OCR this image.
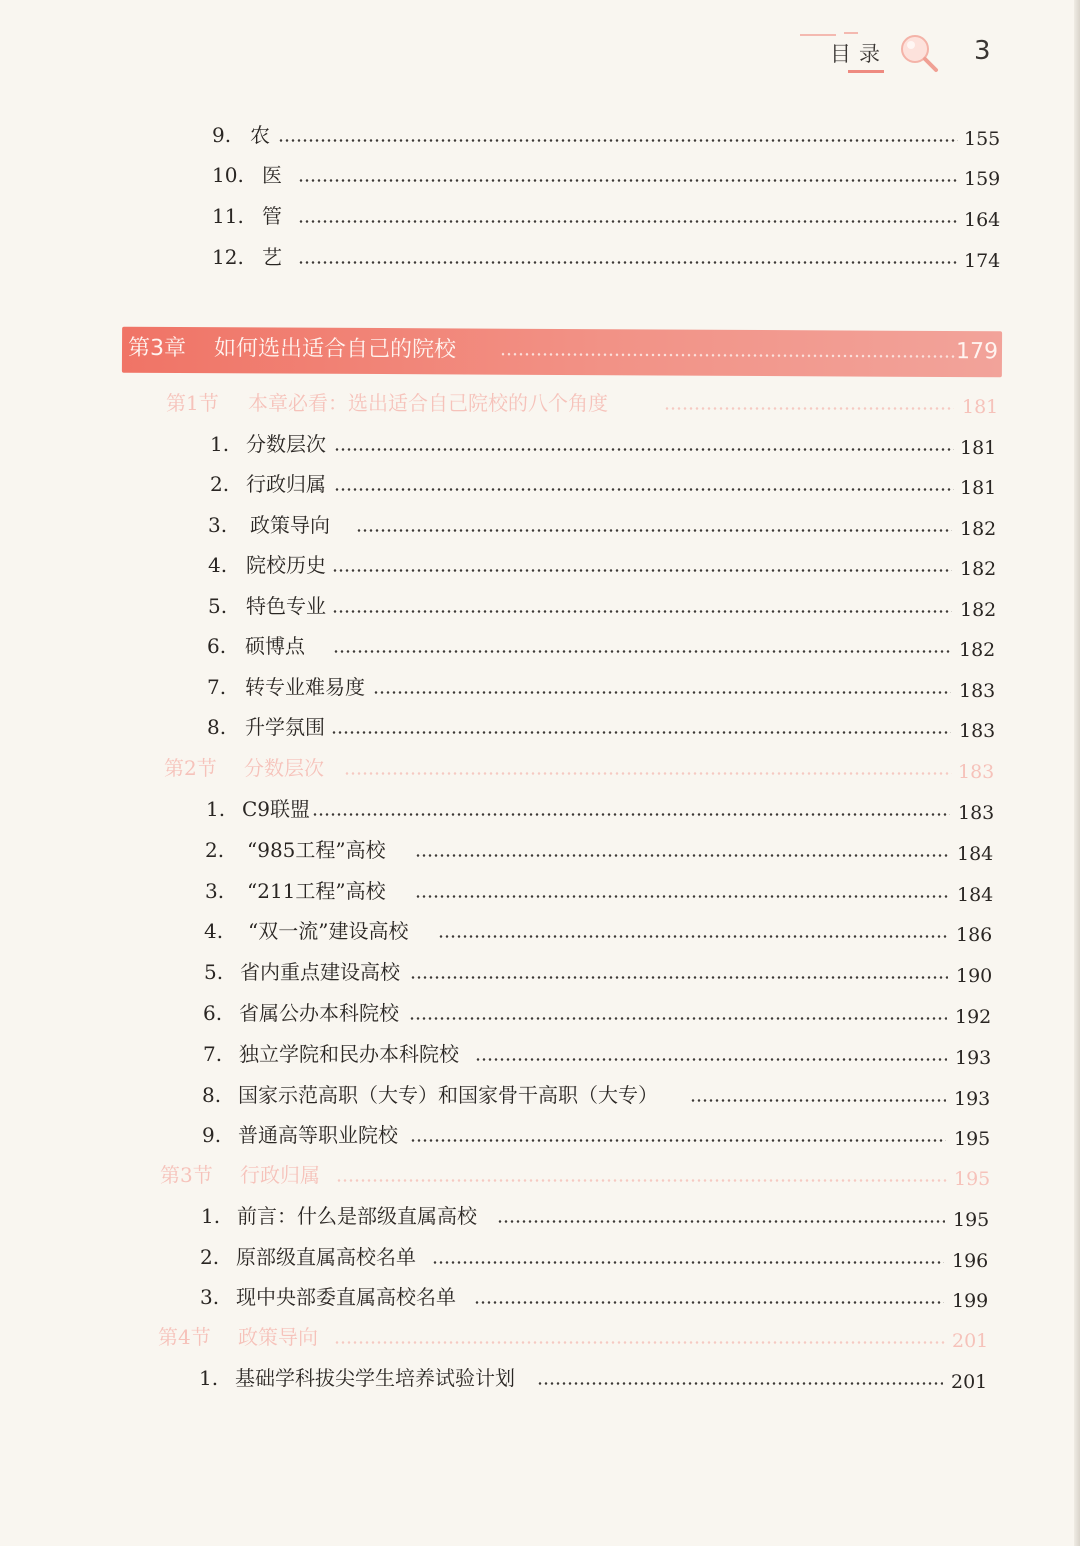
目录	3
9. 农	155
10. 医	159
11. 管	164
12. 艺	174
第3章 如何选出适合自己的院校	179
第1节 本章必看：选出适合自己院校的八个角度	181
1. 分数层次	181
2. 行政归属	181
3. 政策导向	182
4. 院校历史	182
5. 特色专业	182
6. 硕博点	182
7. 转专业难易度	183
8. 升学氛围	183
第2节 分数层次	183
1. C9联盟	183
2. “985工程”高校	184
3. “211工程”高校	184
4. “双一流”建设高校	186
5. 省内重点建设高校	190
6. 省属公办本科院校	192
7. 独立学院和民办本科院校	193
8. 国家示范高职（大专）和国家骨干高职（大专）	193
9. 普通高等职业院校	195
第3节 行政归属	195
1. 前言：什么是部级直属高校	195
2. 原部级直属高校名单	196
3. 现中央部委直属高校名单	199
第4节 政策导向	201
1. 基础学科拔尖学生培养试验计划	201
